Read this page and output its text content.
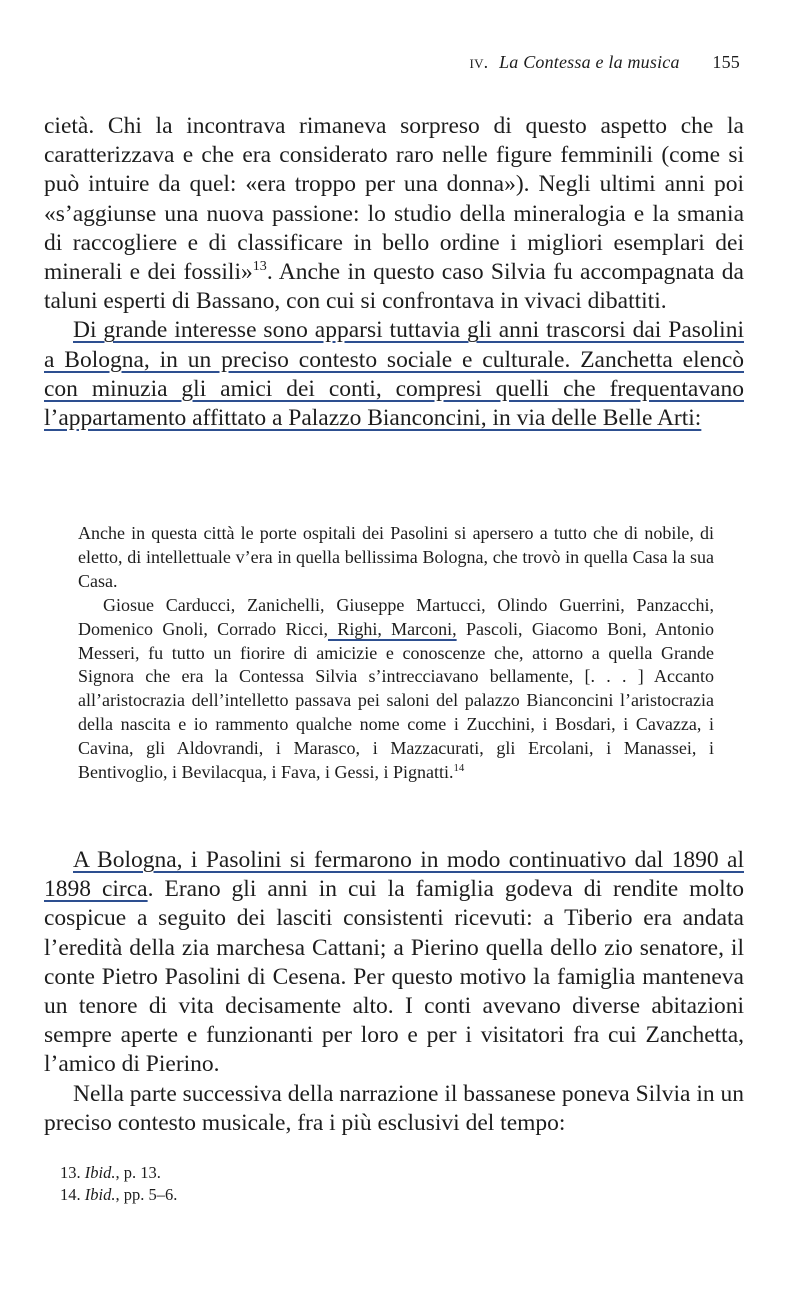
iv. La Contessa e la musica 155

cietà. Chi la incontrava rimaneva sorpreso di questo aspetto che la caratterizzava e che era considerato raro nelle figure femminili (come si può intuire da quel: «era troppo per una donna»). Negli ultimi anni poi «s’aggiunse una nuova passione: lo studio della mineralogia e la smania di raccogliere e di classificare in bello ordine i migliori esemplari dei minerali e dei fossili»$^{13}$. Anche in questo caso Silvia fu accompagnata da taluni esperti di Bassano, con cui si confrontava in vivaci dibattiti.

Di grande interesse sono apparsi tuttavia gli anni trascorsi dai Pasolini a Bologna, in un preciso contesto sociale e culturale. Zanchetta elencò con minuzia gli amici dei conti, compresi quelli che frequentavano l’appartamento affittato a Palazzo Bianconcini, in via delle Belle Arti:

Anche in questa città le porte ospitali dei Pasolini si apersero a tutto che di nobile, di eletto, di intellettuale v’era in quella bellissima Bologna, che trovò in quella Casa la sua Casa.

Giosue Carducci, Zanichelli, Giuseppe Martucci, Olindo Guerrini, Panzacchi, Domenico Gnoli, Corrado Ricci, Righi, Marconi, Pascoli, Giacomo Boni, Antonio Messeri, fu tutto un fiorire di amicizie e conoscenze che, attorno a quella Grande Signora che era la Contessa Silvia s’intrecciavano bellamente, [. . . ] Accanto all’aristocrazia dell’intelletto passava pei saloni del palazzo Bianconcini l’aristocrazia della nascita e io rammento qualche nome come i Zucchini, i Bosdari, i Cavazza, i Cavina, gli Aldovrandi, i Marasco, i Mazzacurati, gli Ercolani, i Manassei, i Bentivoglio, i Bevilacqua, i Fava, i Gessi, i Pignatti.$^{14}$

A Bologna, i Pasolini si fermarono in modo continuativo dal 1890 al 1898 circa. Erano gli anni in cui la famiglia godeva di rendite molto cospicue a seguito dei lasciti consistenti ricevuti: a Tiberio era andata l’eredità della zia marchesa Cattani; a Pierino quella dello zio senatore, il conte Pietro Pasolini di Cesena. Per questo motivo la famiglia manteneva un tenore di vita decisamente alto. I conti avevano diverse abitazioni sempre aperte e funzionanti per loro e per i visitatori fra cui Zanchetta, l’amico di Pierino.

Nella parte successiva della narrazione il bassanese poneva Silvia in un preciso contesto musicale, fra i più esclusivi del tempo:

13. Ibid., p. 13.

14. Ibid., pp. 5–6.
